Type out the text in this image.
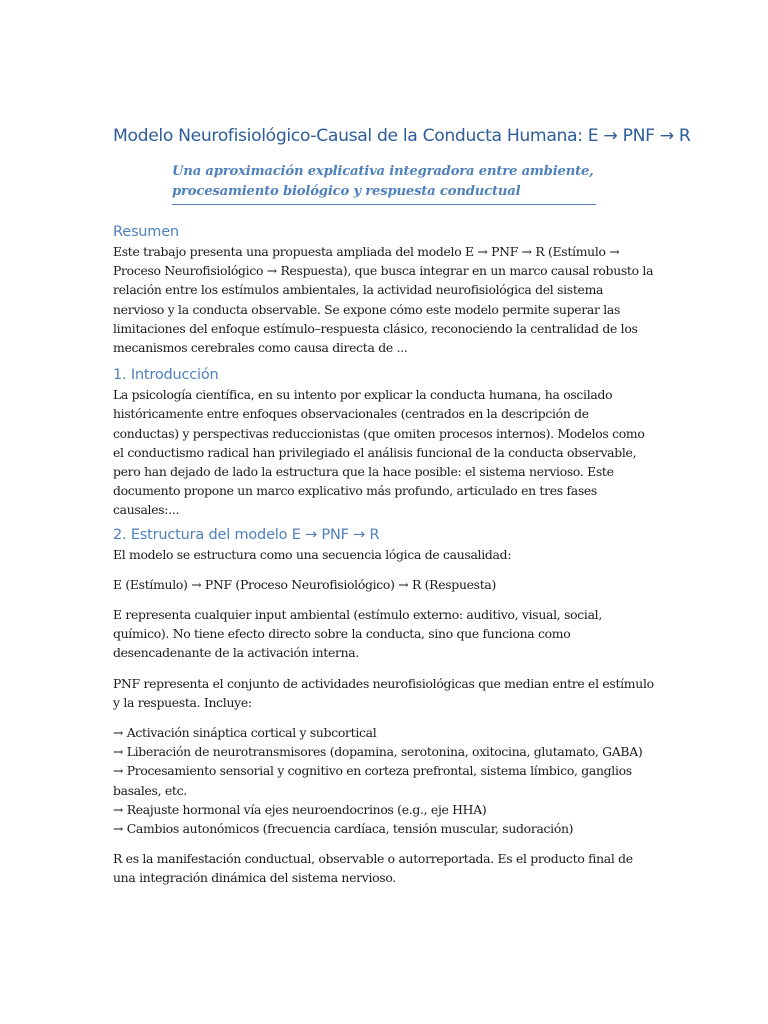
Modelo Neurofisiológico-Causal de la Conducta Humana: E → PNF → R

Una aproximación explicativa integradora entre ambiente, procesamiento biológico y respuesta conductual

Resumen

Este trabajo presenta una propuesta ampliada del modelo E → PNF → R (Estímulo → Proceso Neurofisiológico → Respuesta), que busca integrar en un marco causal robusto la relación entre los estímulos ambientales, la actividad neurofisiológica del sistema nervioso y la conducta observable. Se expone cómo este modelo permite superar las limitaciones del enfoque estímulo–respuesta clásico, reconociendo la centralidad de los mecanismos cerebrales como causa directa de ...

1. Introducción

La psicología científica, en su intento por explicar la conducta humana, ha oscilado históricamente entre enfoques observacionales (centrados en la descripción de conductas) y perspectivas reduccionistas (que omiten procesos internos). Modelos como el conductismo radical han privilegiado el análisis funcional de la conducta observable, pero han dejado de lado la estructura que la hace posible: el sistema nervioso. Este documento propone un marco explicativo más profundo, articulado en tres fases causales:...

2. Estructura del modelo E → PNF → R

El modelo se estructura como una secuencia lógica de causalidad:

E (Estímulo) → PNF (Proceso Neurofisiológico) → R (Respuesta)

E representa cualquier input ambiental (estímulo externo: auditivo, visual, social, químico). No tiene efecto directo sobre la conducta, sino que funciona como desencadenante de la activación interna.

PNF representa el conjunto de actividades neurofisiológicas que median entre el estímulo y la respuesta. Incluye:

→ Activación sináptica cortical y subcortical
→ Liberación de neurotransmisores (dopamina, serotonina, oxitocina, glutamato, GABA)
→ Procesamiento sensorial y cognitivo en corteza prefrontal, sistema límbico, ganglios basales, etc.
→ Reajuste hormonal vía ejes neuroendocrinos (e.g., eje HHA)
→ Cambios autonómicos (frecuencia cardíaca, tensión muscular, sudoración)

R es la manifestación conductual, observable o autorreportada. Es el producto final de una integración dinámica del sistema nervioso.
